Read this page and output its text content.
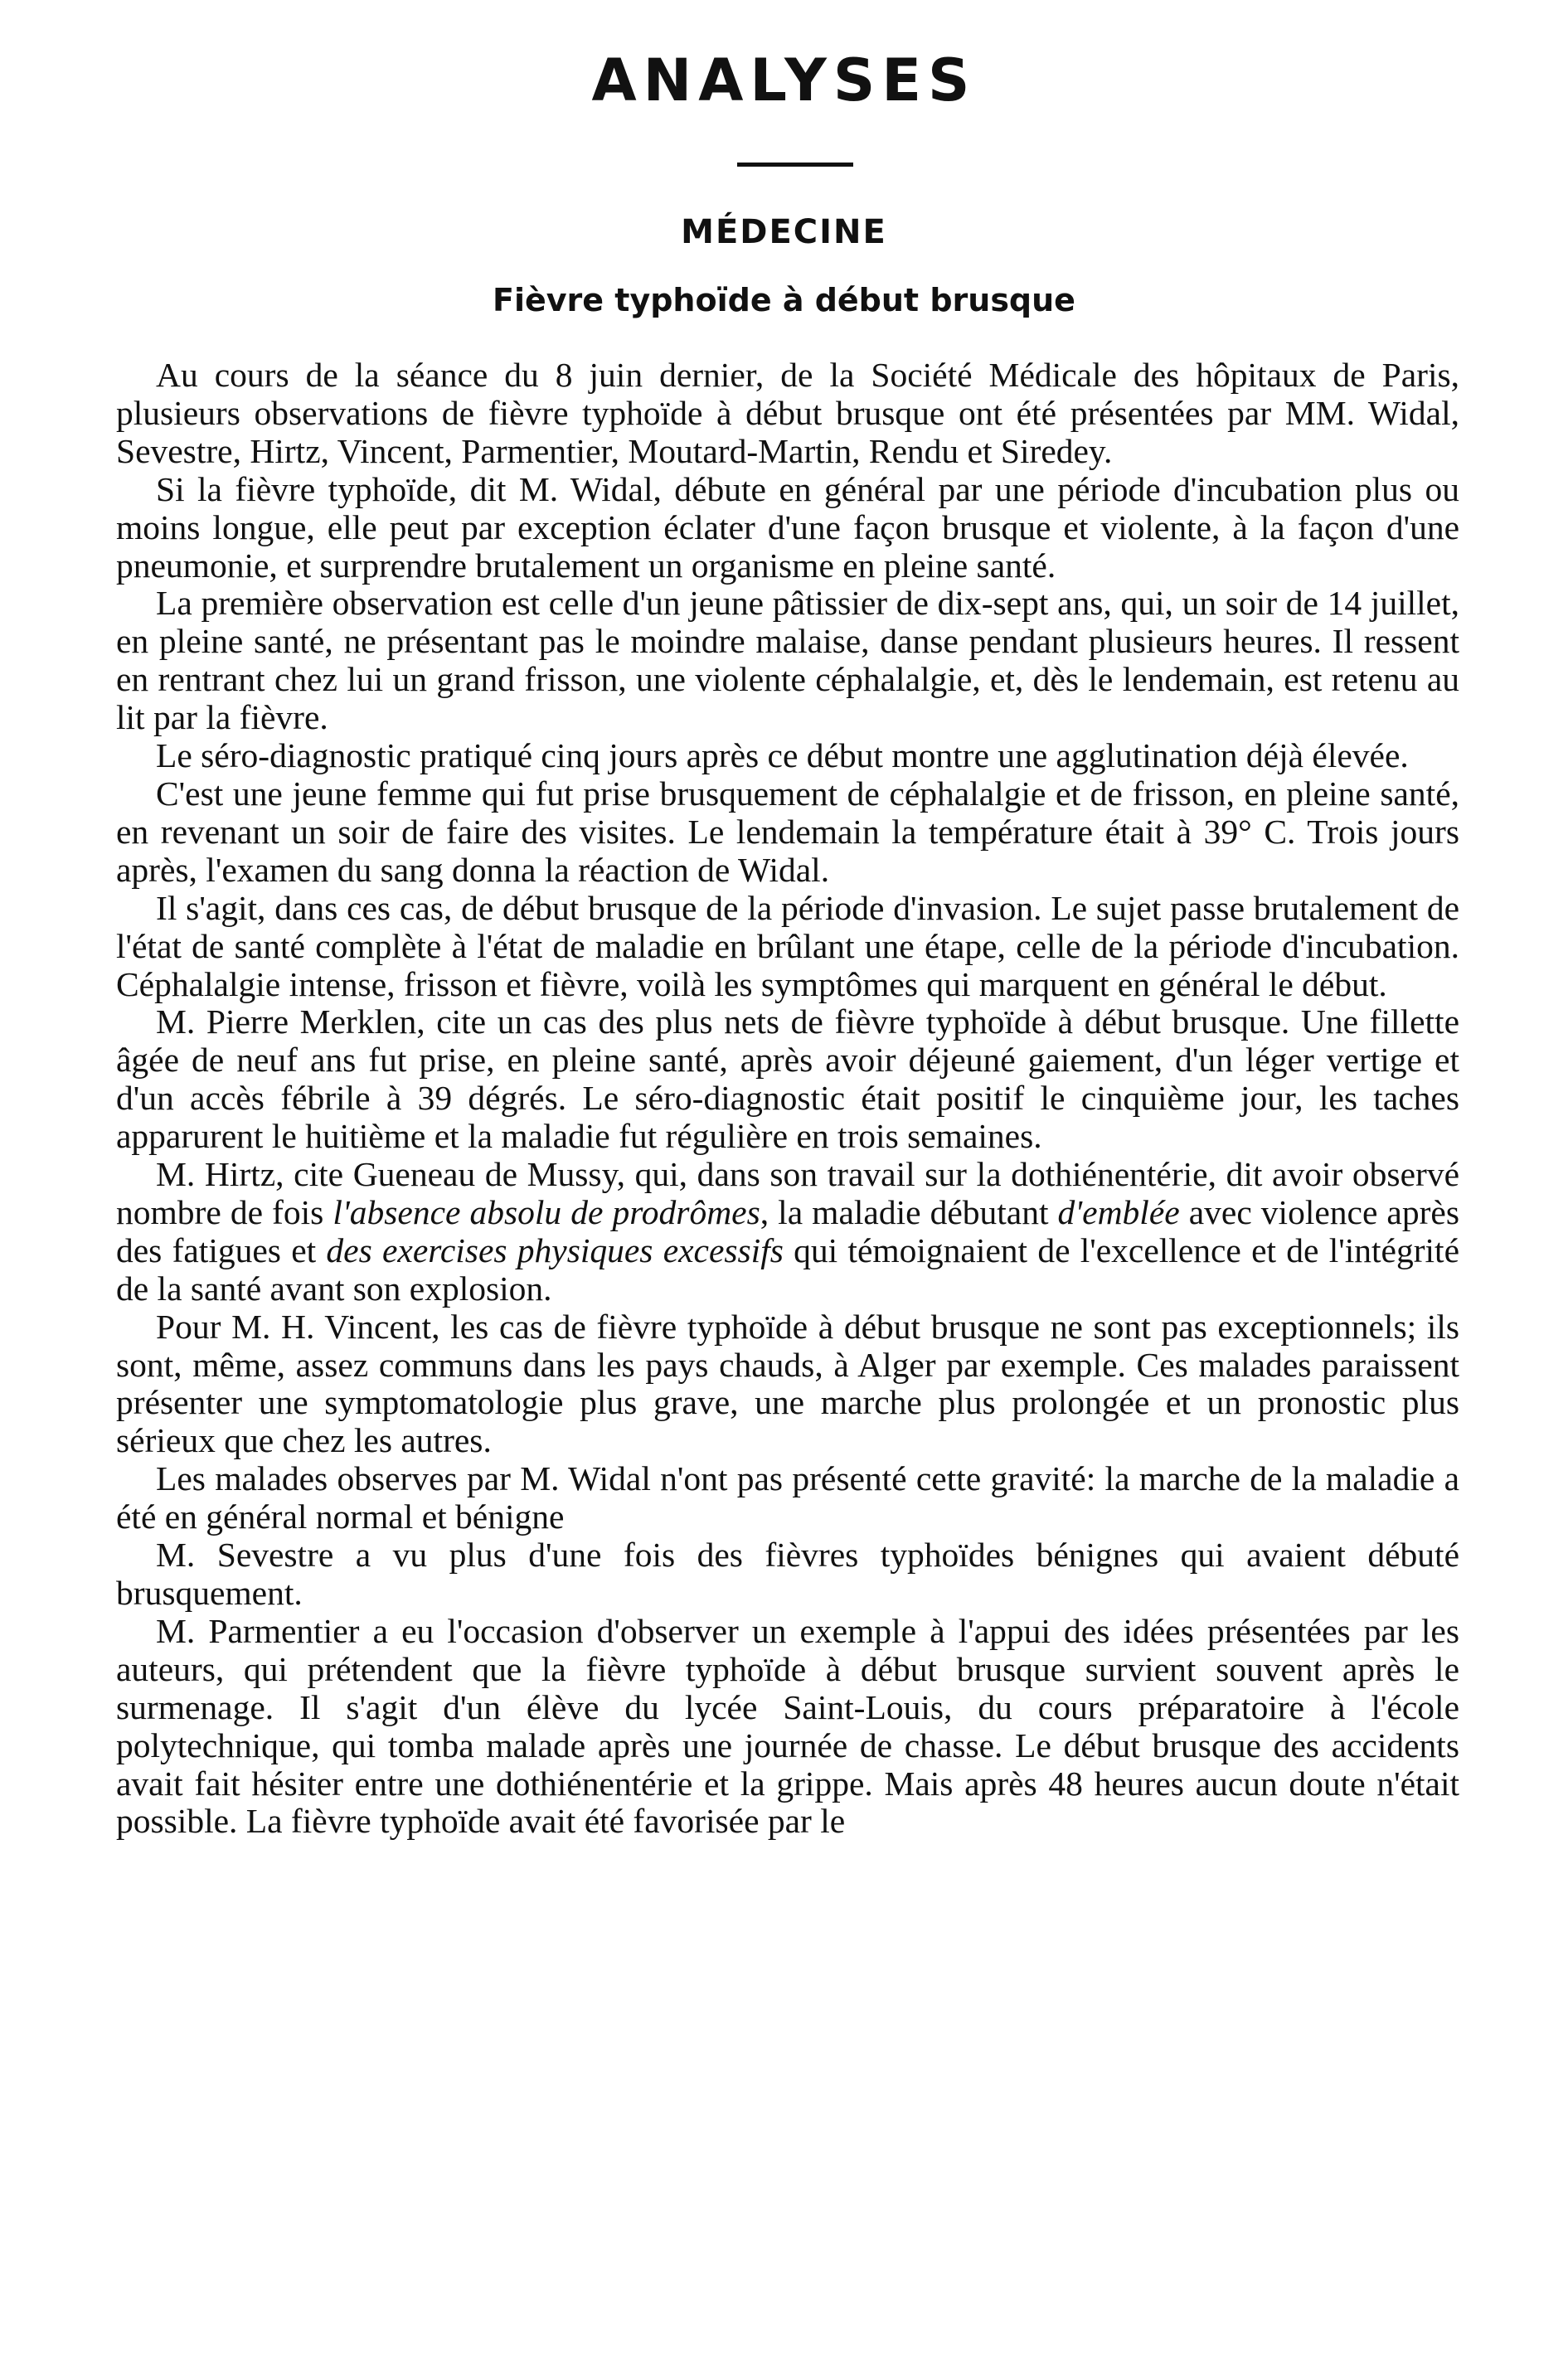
ANALYSES
MÉDECINE
Fièvre typhoïde à début brusque

Au cours de la séance du 8 juin dernier, de la Société Médicale des hôpitaux de Paris, plusieurs observations de fièvre typhoïde à début brusque ont été présentées par MM. Widal, Sevestre, Hirtz, Vincent, Parmentier, Moutard-Martin, Rendu et Siredey.

Si la fièvre typhoïde, dit M. Widal, débute en général par une période d'incubation plus ou moins longue, elle peut par exception éclater d'une façon brusque et violente, à la façon d'une pneumonie, et surprendre brutalement un organisme en pleine santé.

La première observation est celle d'un jeune pâtissier de dix-sept ans, qui, un soir de 14 juillet, en pleine santé, ne présentant pas le moindre malaise, danse pendant plusieurs heures. Il ressent en rentrant chez lui un grand frisson, une violente céphalalgie, et, dès le lendemain, est retenu au lit par la fièvre.

Le séro-diagnostic pratiqué cinq jours après ce début montre une agglutination déjà élevée.

C'est une jeune femme qui fut prise brusquement de céphalalgie et de frisson, en pleine santé, en revenant un soir de faire des visites. Le lendemain la température était à 39° C. Trois jours après, l'examen du sang donna la réaction de Widal.

Il s'agit, dans ces cas, de début brusque de la période d'invasion. Le sujet passe brutalement de l'état de santé complète à l'état de maladie en brûlant une étape, celle de la période d'incubation. Céphalalgie intense, frisson et fièvre, voilà les symptômes qui marquent en général le début.

M. Pierre Merklen, cite un cas des plus nets de fièvre typhoïde à début brusque. Une fillette âgée de neuf ans fut prise, en pleine santé, après avoir déjeuné gaiement, d'un léger vertige et d'un accès fébrile à 39 dégrés. Le séro-diagnostic était positif le cinquième jour, les taches apparurent le huitième et la maladie fut régulière en trois semaines.

M. Hirtz, cite Gueneau de Mussy, qui, dans son travail sur la dothiénentérie, dit avoir observé nombre de fois l'absence absolu de prodrômes, la maladie débutant d'emblée avec violence après des fatigues et des exercises physiques excessifs qui témoignaient de l'excellence et de l'intégrité de la santé avant son explosion.

Pour M. H. Vincent, les cas de fièvre typhoïde à début brusque ne sont pas exceptionnels; ils sont, même, assez communs dans les pays chauds, à Alger par exemple. Ces malades paraissent présenter une symptomatologie plus grave, une marche plus prolongée et un pronostic plus sérieux que chez les autres.

Les malades observes par M. Widal n'ont pas présenté cette gravité: la marche de la maladie a été en général normal et bénigne

M. Sevestre a vu plus d'une fois des fièvres typhoïdes bénignes qui avaient débuté brusquement.

M. Parmentier a eu l'occasion d'observer un exemple à l'appui des idées présentées par les auteurs, qui prétendent que la fièvre typhoïde à début brusque survient souvent après le surmenage. Il s'agit d'un élève du lycée Saint-Louis, du cours préparatoire à l'école polytechnique, qui tomba malade après une journée de chasse. Le début brusque des accidents avait fait hésiter entre une dothiénentérie et la grippe. Mais après 48 heures aucun doute n'était possible. La fièvre typhoïde avait été favorisée par le
